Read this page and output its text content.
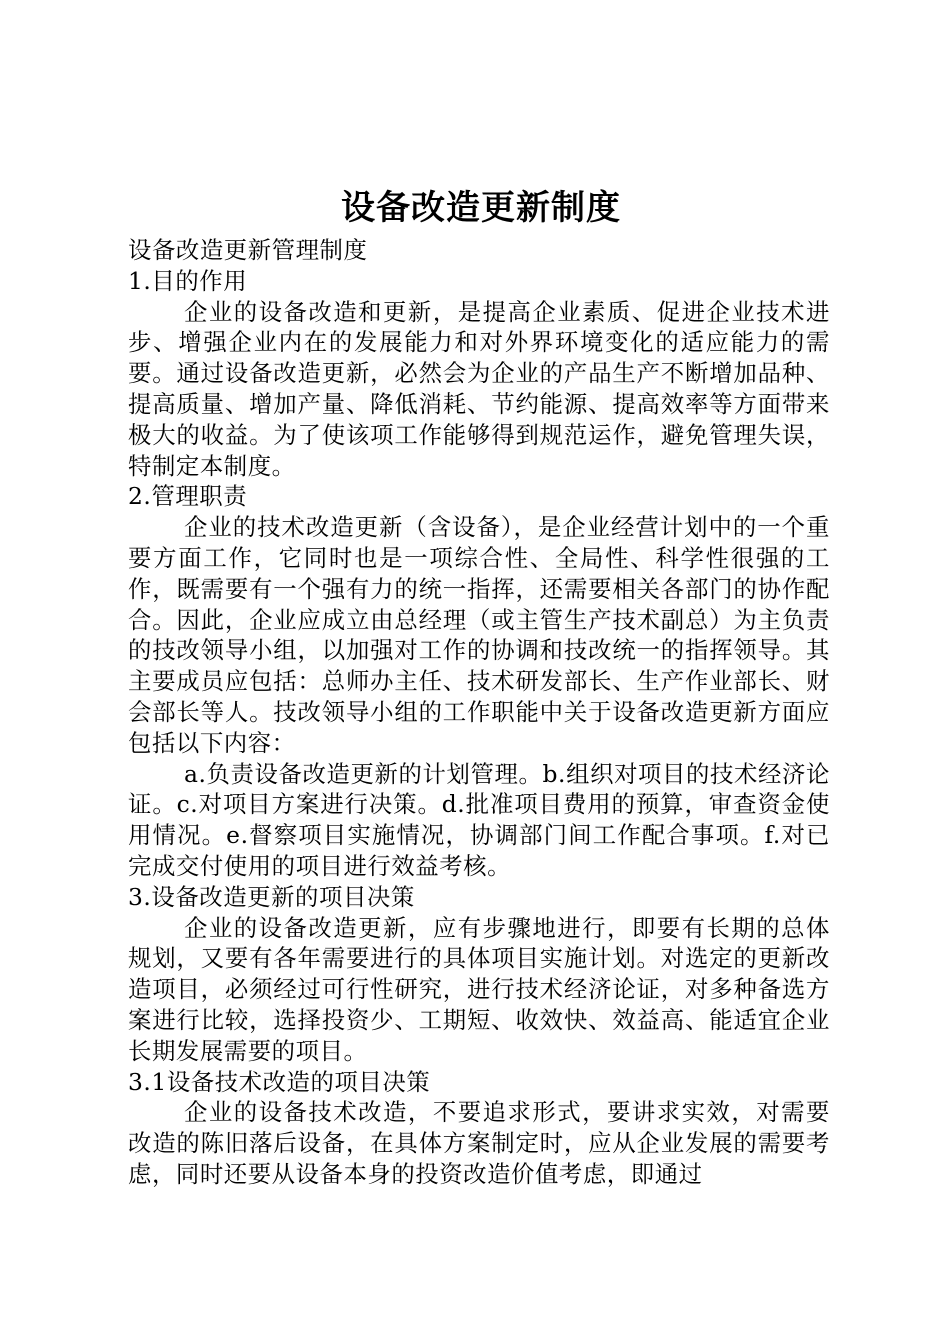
设备改造更新制度

设备改造更新管理制度

1.目的作用

企业的设备改造和更新，是提高企业素质、促进企业技术进步、增强企业内在的发展能力和对外界环境变化的适应能力的需要。通过设备改造更新，必然会为企业的产品生产不断增加品种、提高质量、增加产量、降低消耗、节约能源、提高效率等方面带来极大的收益。为了使该项工作能够得到规范运作，避免管理失误，特制定本制度。

2.管理职责

企业的技术改造更新（含设备），是企业经营计划中的一个重要方面工作，它同时也是一项综合性、全局性、科学性很强的工作，既需要有一个强有力的统一指挥，还需要相关各部门的协作配合。因此，企业应成立由总经理（或主管生产技术副总）为主负责的技改领导小组，以加强对工作的协调和技改统一的指挥领导。其主要成员应包括：总师办主任、技术研发部长、生产作业部长、财会部长等人。技改领导小组的工作职能中关于设备改造更新方面应包括以下内容：

a.负责设备改造更新的计划管理。b.组织对项目的技术经济论证。c.对项目方案进行决策。d.批准项目费用的预算，审查资金使用情况。e.督察项目实施情况，协调部门间工作配合事项。f.对已完成交付使用的项目进行效益考核。

3.设备改造更新的项目决策

企业的设备改造更新，应有步骤地进行，即要有长期的总体规划，又要有各年需要进行的具体项目实施计划。对选定的更新改造项目，必须经过可行性研究，进行技术经济论证，对多种备选方案进行比较，选择投资少、工期短、收效快、效益高、能适宜企业长期发展需要的项目。

3.1设备技术改造的项目决策

企业的设备技术改造，不要追求形式，要讲求实效，对需要改造的陈旧落后设备，在具体方案制定时，应从企业发展的需要考虑，同时还要从设备本身的投资改造价值考虑，即通过
